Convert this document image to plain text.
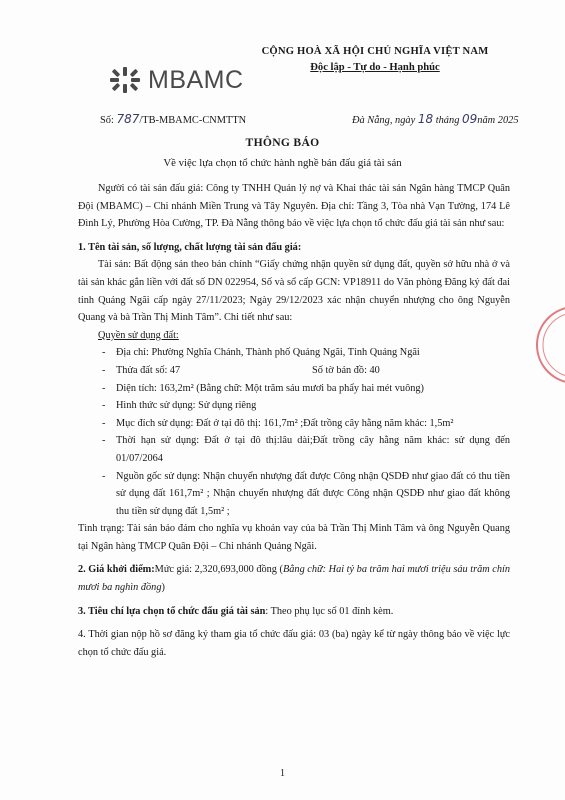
MBAMC
CỘNG HOÀ XÃ HỘI CHỦ NGHĨA VIỆT NAM
Độc lập - Tự do - Hạnh phúc
Số: 787/TB-MBAMC-CNMTTN	Đà Nẵng, ngày 18 tháng 09năm 2025
THÔNG BÁO
Về việc lựa chọn tổ chức hành nghề bán đấu giá tài sản

Người có tài sản đấu giá: Công ty TNHH Quản lý nợ và Khai thác tài sản Ngân hàng TMCP Quân Đội (MBAMC) – Chi nhánh Miền Trung và Tây Nguyên. Địa chỉ: Tầng 3, Tòa nhà Vạn Tường, 174 Lê Đình Lý, Phường Hòa Cường, TP. Đà Nẵng thông báo về việc lựa chọn tổ chức đấu giá tài sản như sau:

1. Tên tài sản, số lượng, chất lượng tài sản đấu giá:

Tài sản: Bất động sản theo bản chính “Giấy chứng nhận quyền sử dụng đất, quyền sở hữu nhà ở và tài sản khác gắn liền với đất số DN 022954, Số và sổ cấp GCN: VP18911 do Văn phòng Đăng ký đất đai tỉnh Quảng Ngãi cấp ngày 27/11/2023; Ngày 29/12/2023 xác nhận chuyển nhượng cho ông Nguyễn Quang và bà Trần Thị Minh Tâm”. Chi tiết như sau:

Quyền sử dụng đất:

-	Địa chỉ: Phường Nghĩa Chánh, Thành phố Quảng Ngãi, Tỉnh Quảng Ngãi
-	Thửa đất số: 47	Số tờ bản đồ: 40
-	Diện tích: 163,2m² (Bằng chữ: Một trăm sáu mươi ba phẩy hai mét vuông)
-	Hình thức sử dụng: Sử dụng riêng
-	Mục đích sử dụng: Đất ở tại đô thị: 161,7m² ;Đất trồng cây hằng năm khác: 1,5m²
-	Thời hạn sử dụng: Đất ở tại đô thị:lâu dài;Đất trồng cây hằng năm khác: sử dụng đến 01/07/2064
-	Nguồn gốc sử dụng: Nhận chuyển nhượng đất được Công nhận QSDĐ như giao đất có thu tiền sử dụng đất 161,7m² ; Nhận chuyển nhượng đất được Công nhận QSDĐ như giao đất không thu tiền sử dụng đất 1,5m² ;

Tình trạng: Tài sản bảo đảm cho nghĩa vụ khoản vay của bà Trần Thị Minh Tâm và ông Nguyễn Quang tại Ngân hàng TMCP Quân Đội – Chi nhánh Quảng Ngãi.

2. Giá khởi điểm:Mức giá: 2,320,693,000 đồng (Bằng chữ: Hai tỷ ba trăm hai mươi triệu sáu trăm chín mươi ba nghìn đồng)

3. Tiêu chí lựa chọn tổ chức đấu giá tài sản: Theo phụ lục số 01 đính kèm.

4. Thời gian nộp hồ sơ đăng ký tham gia tổ chức đấu giá: 03 (ba) ngày kể từ ngày thông báo về việc lực chọn tổ chức đấu giá.

1
